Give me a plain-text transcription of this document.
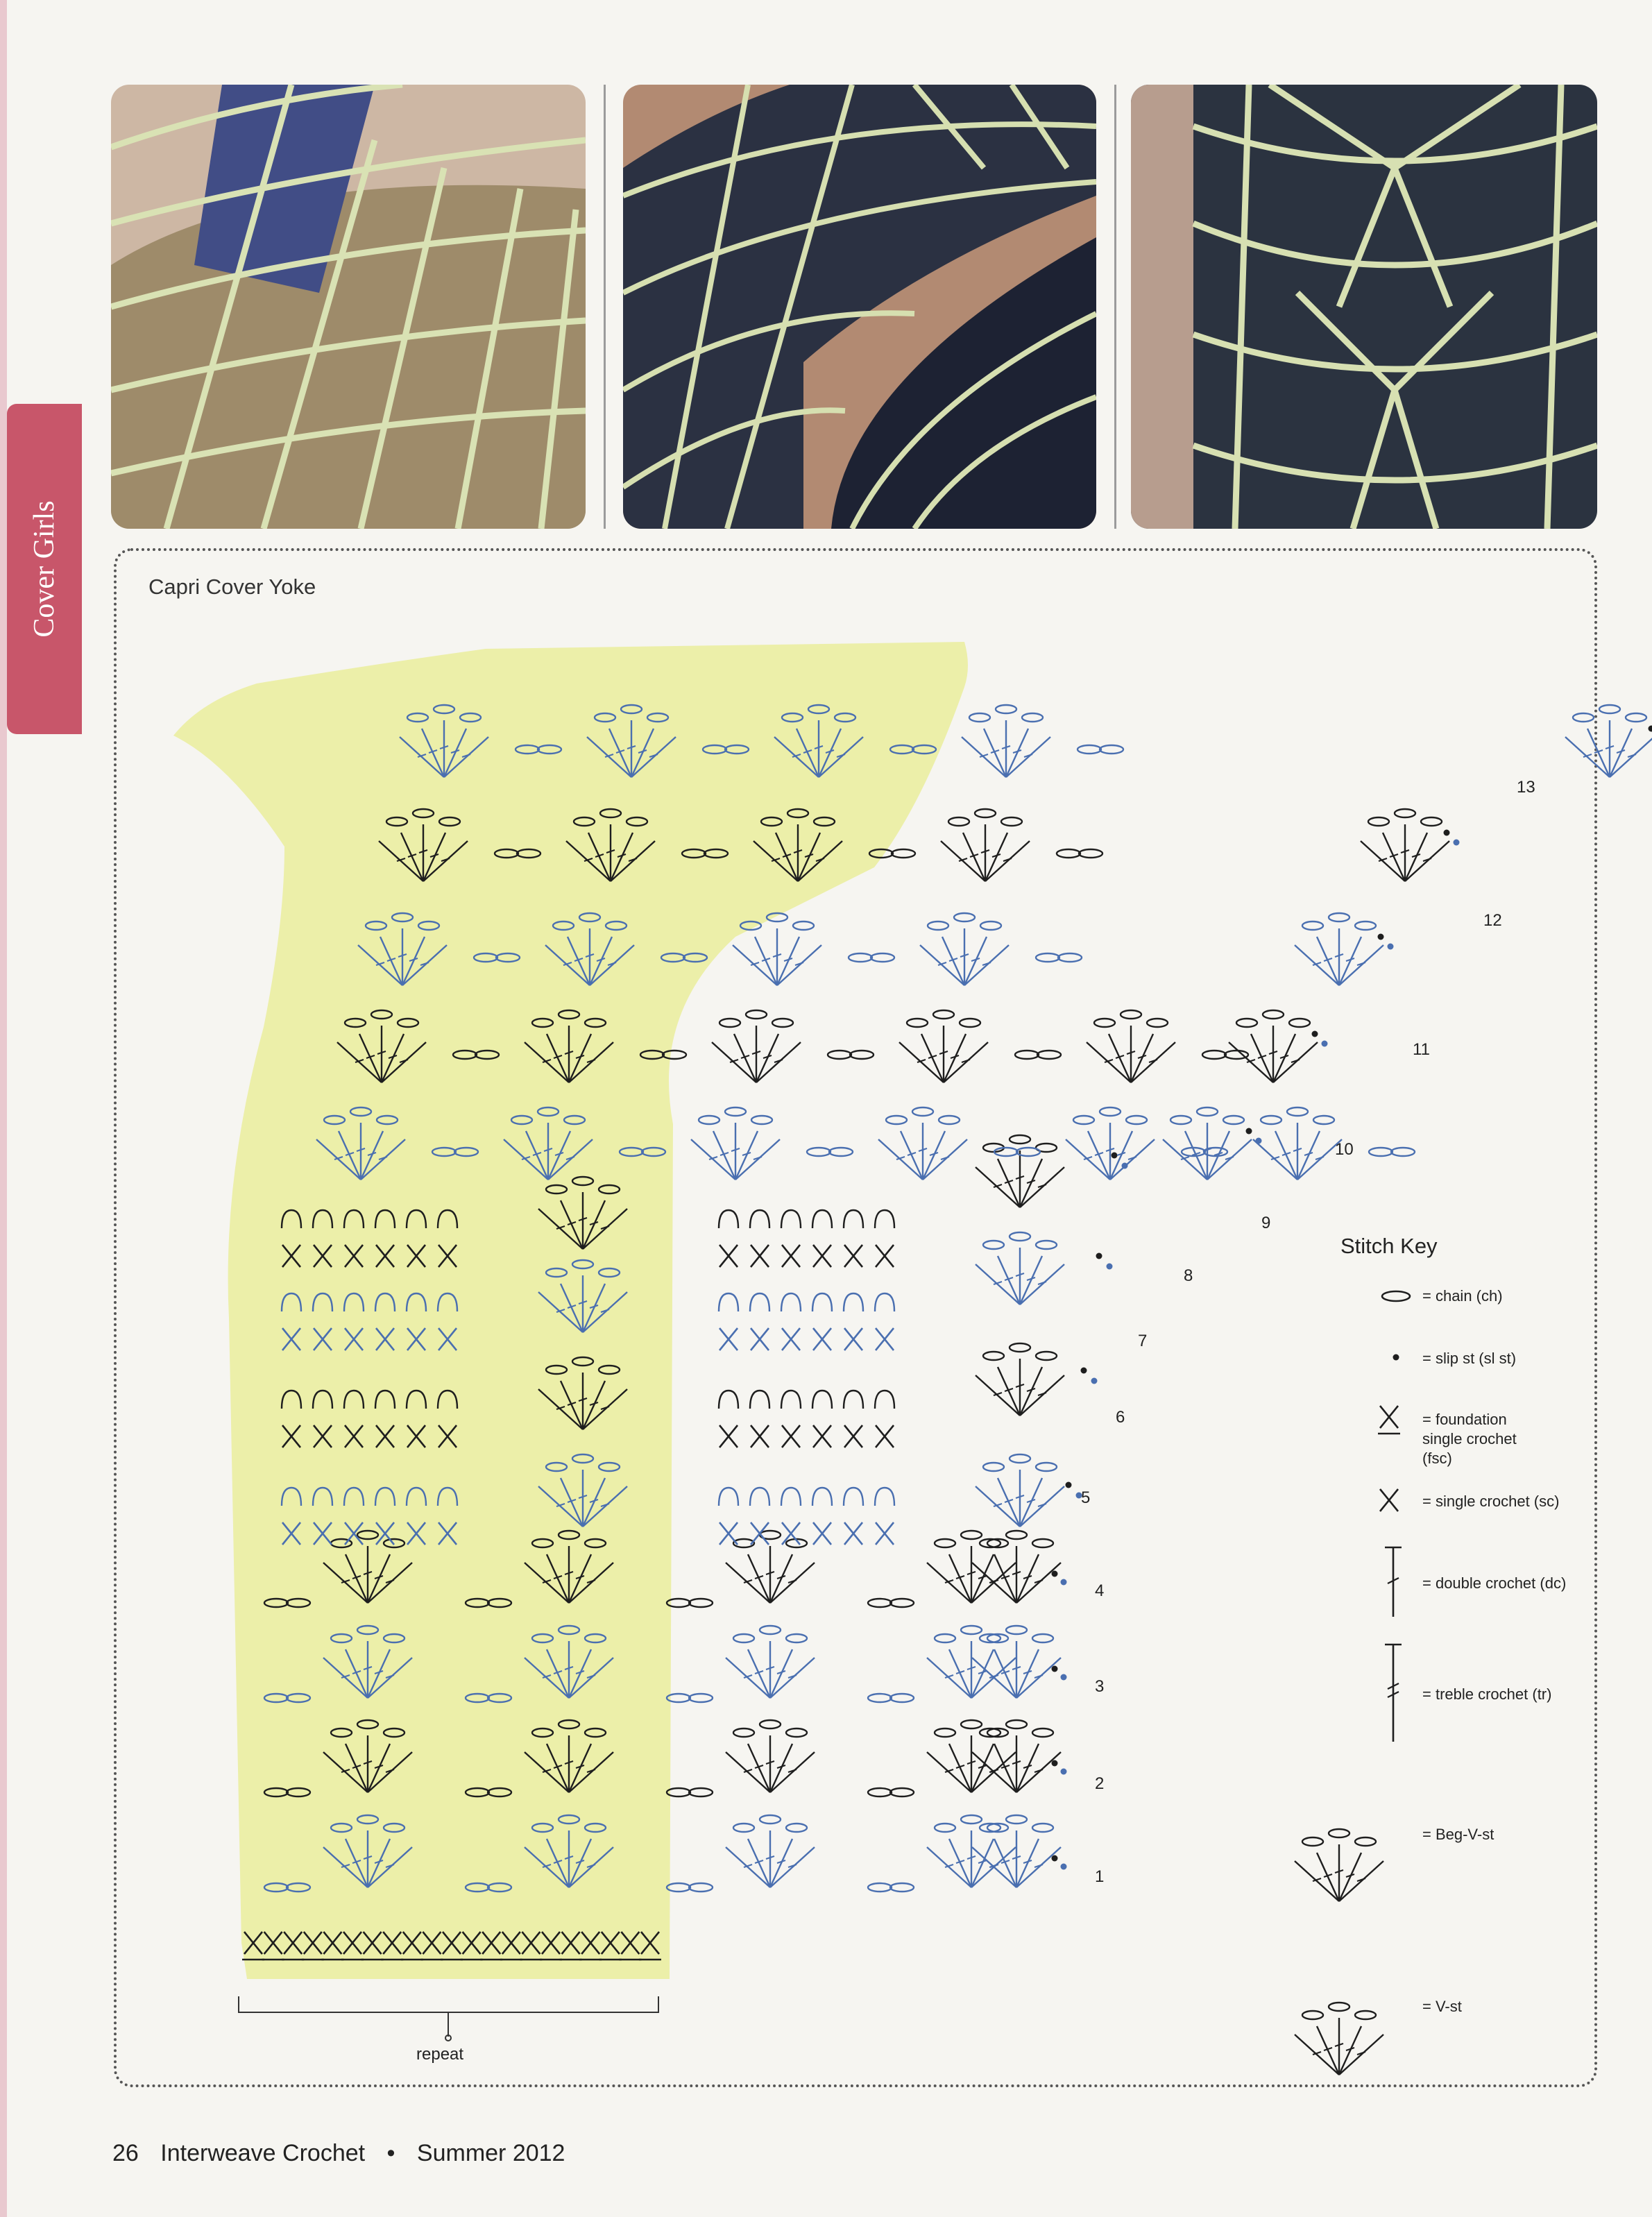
Cover Girls	Capri Cover Yoke
1
2
3
4
5
6
7
8
9
10
11
12
13
repeat
Stitch Key
= chain (ch)
= slip st (sl st)
= foundation single crochet (fsc)
= single crochet (sc)
= double crochet (dc)
= treble crochet (tr)
= Beg-V-st
= V-st
26 Interweave Crochet • Summer 2012
